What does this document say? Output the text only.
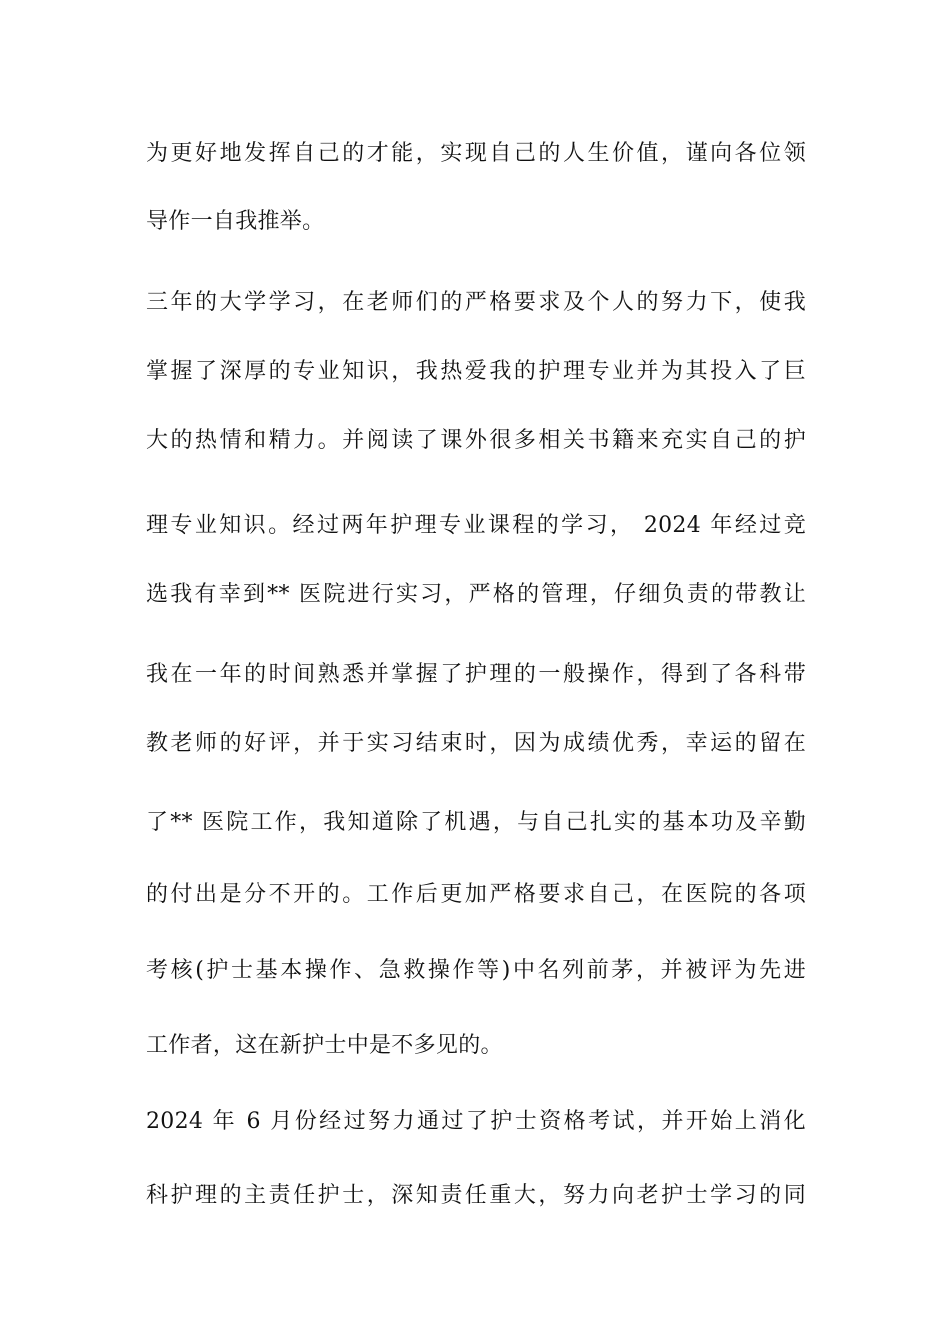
为更好地发挥自己的才能，实现自己的人生价值，谨向各位领
导作一自我推举。
三年的大学学习，在老师们的严格要求及个人的努力下，使我
掌握了深厚的专业知识，我热爱我的护理专业并为其投入了巨
大的热情和精力。并阅读了课外很多相关书籍来充实自己的护
理专业知识。经过两年护理专业课程的学习， 2024 年经过竞
选我有幸到** 医院进行实习，严格的管理，仔细负责的带教让
我在一年的时间熟悉并掌握了护理的一般操作，得到了各科带
教老师的好评，并于实习结束时，因为成绩优秀，幸运的留在
了** 医院工作，我知道除了机遇，与自己扎实的基本功及辛勤
的付出是分不开的。工作后更加严格要求自己，在医院的各项
考核(护士基本操作、急救操作等)中名列前茅，并被评为先进
工作者，这在新护士中是不多见的。
2024 年 6 月份经过努力通过了护士资格考试，并开始上消化
科护理的主责任护士，深知责任重大，努力向老护士学习的同
